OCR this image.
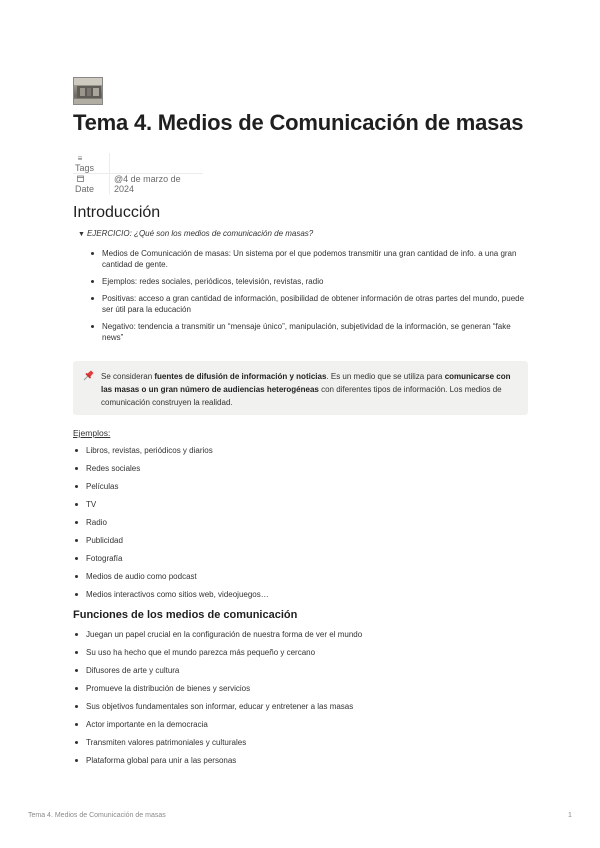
Tema 4. Medios de Comunicación de masas
≡Tags	
Date	@4 de marzo de 2024
Introducción
▼ EJERCICIO: ¿Qué son los medios de comunicación de masas?
Medios de Comunicación de masas: Un sistema por el que podemos transmitir una gran cantidad de info. a una gran cantidad de gente.
Ejemplos: redes sociales, periódicos, televisión, revistas, radio
Positivas: acceso a gran cantidad de información, posibilidad de obtener información de otras partes del mundo, puede ser útil para la educación
Negativo: tendencia a transmitir un “mensaje único”, manipulación, subjetividad de la información, se generan “fake news”
Se consideran fuentes de difusión de información y noticias. Es un medio que se utiliza para comunicarse con las masas o un gran número de audiencias heterogéneas con diferentes tipos de información. Los medios de comunicación construyen la realidad.
Ejemplos:
Libros, revistas, periódicos y diarios
Redes sociales
Películas
TV
Radio
Publicidad
Fotografía
Medios de audio como podcast
Medios interactivos como sitios web, videojuegos…
Funciones de los medios de comunicación
Juegan un papel crucial en la configuración de nuestra forma de ver el mundo
Su uso ha hecho que el mundo parezca más pequeño y cercano
Difusores de arte y cultura
Promueve la distribución de bienes y servicios
Sus objetivos fundamentales son informar, educar y entretener a las masas
Actor importante en la democracia
Transmiten valores patrimoniales y culturales
Plataforma global para unir a las personas
Tema 4. Medios de Comunicación de masas	1
